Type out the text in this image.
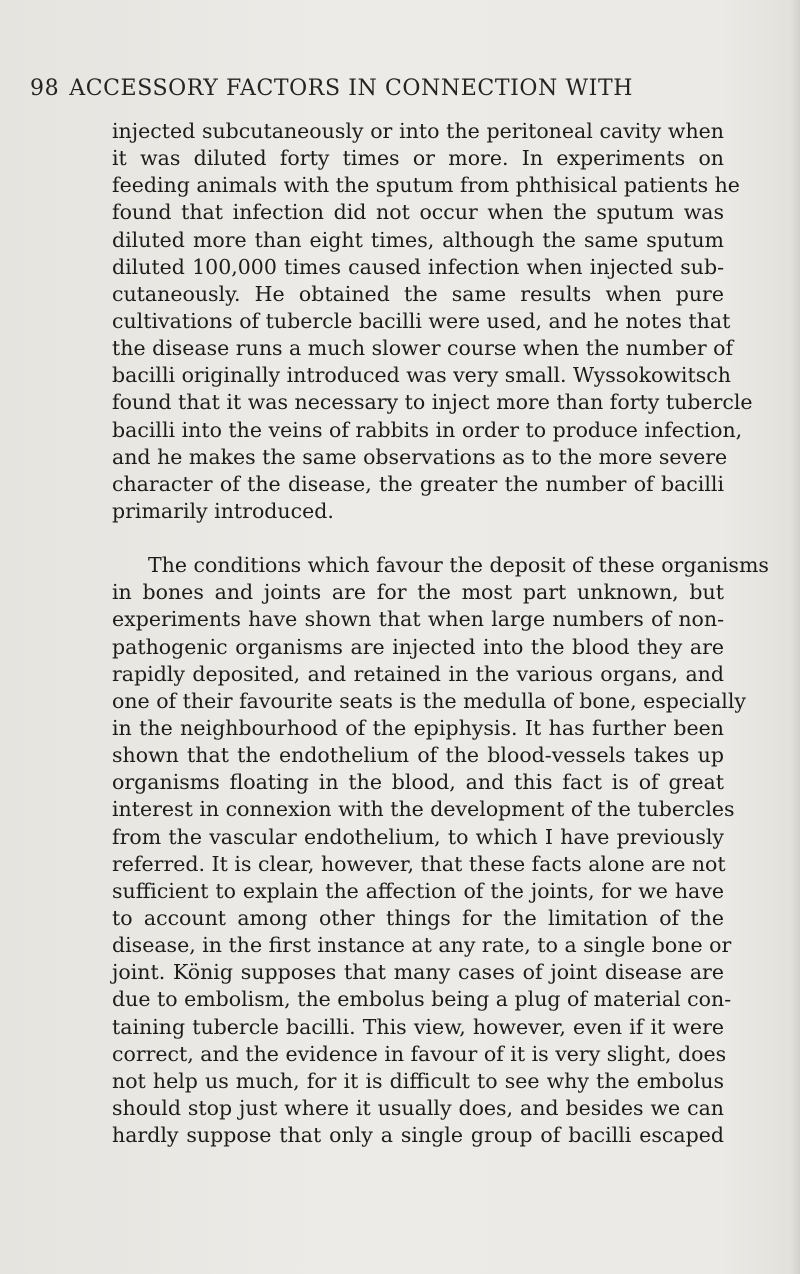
98 ACCESSORY FACTORS IN CONNECTION WITH
injected subcutaneously or into the peritoneal cavity when
it was diluted forty times or more. In experiments on
feeding animals with the sputum from phthisical patients he
found that infection did not occur when the sputum was
diluted more than eight times, although the same sputum
diluted 100,000 times caused infection when injected sub-
cutaneously. He obtained the same results when pure
cultivations of tubercle bacilli were used, and he notes that
the disease runs a much slower course when the number of
bacilli originally introduced was very small. Wyssokowitsch
found that it was necessary to inject more than forty tubercle
bacilli into the veins of rabbits in order to produce infection,
and he makes the same observations as to the more severe
character of the disease, the greater the number of bacilli
primarily introduced.
The conditions which favour the deposit of these organisms
in bones and joints are for the most part unknown, but
experiments have shown that when large numbers of non-
pathogenic organisms are injected into the blood they are
rapidly deposited, and retained in the various organs, and
one of their favourite seats is the medulla of bone, especially
in the neighbourhood of the epiphysis. It has further been
shown that the endothelium of the blood-vessels takes up
organisms floating in the blood, and this fact is of great
interest in connexion with the development of the tubercles
from the vascular endothelium, to which I have previously
referred. It is clear, however, that these facts alone are not
sufficient to explain the affection of the joints, for we have
to account among other things for the limitation of the
disease, in the first instance at any rate, to a single bone or
joint. König supposes that many cases of joint disease are
due to embolism, the embolus being a plug of material con-
taining tubercle bacilli. This view, however, even if it were
correct, and the evidence in favour of it is very slight, does
not help us much, for it is difficult to see why the embolus
should stop just where it usually does, and besides we can
hardly suppose that only a single group of bacilli escaped
